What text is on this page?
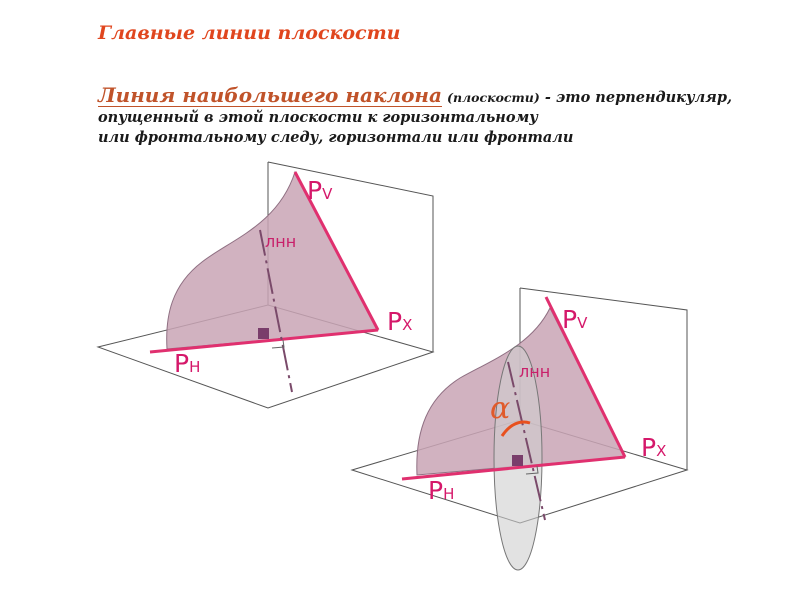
Главные линии плоскости
Линия наибольшего наклона (плоскости) - это перпендикуляр,
опущенный в этой плоскости к горизонтальному
или фронтальному следу, горизонтали или фронтали
PV
PX
PH
лнн
PV
PX
PH
лнн
α
